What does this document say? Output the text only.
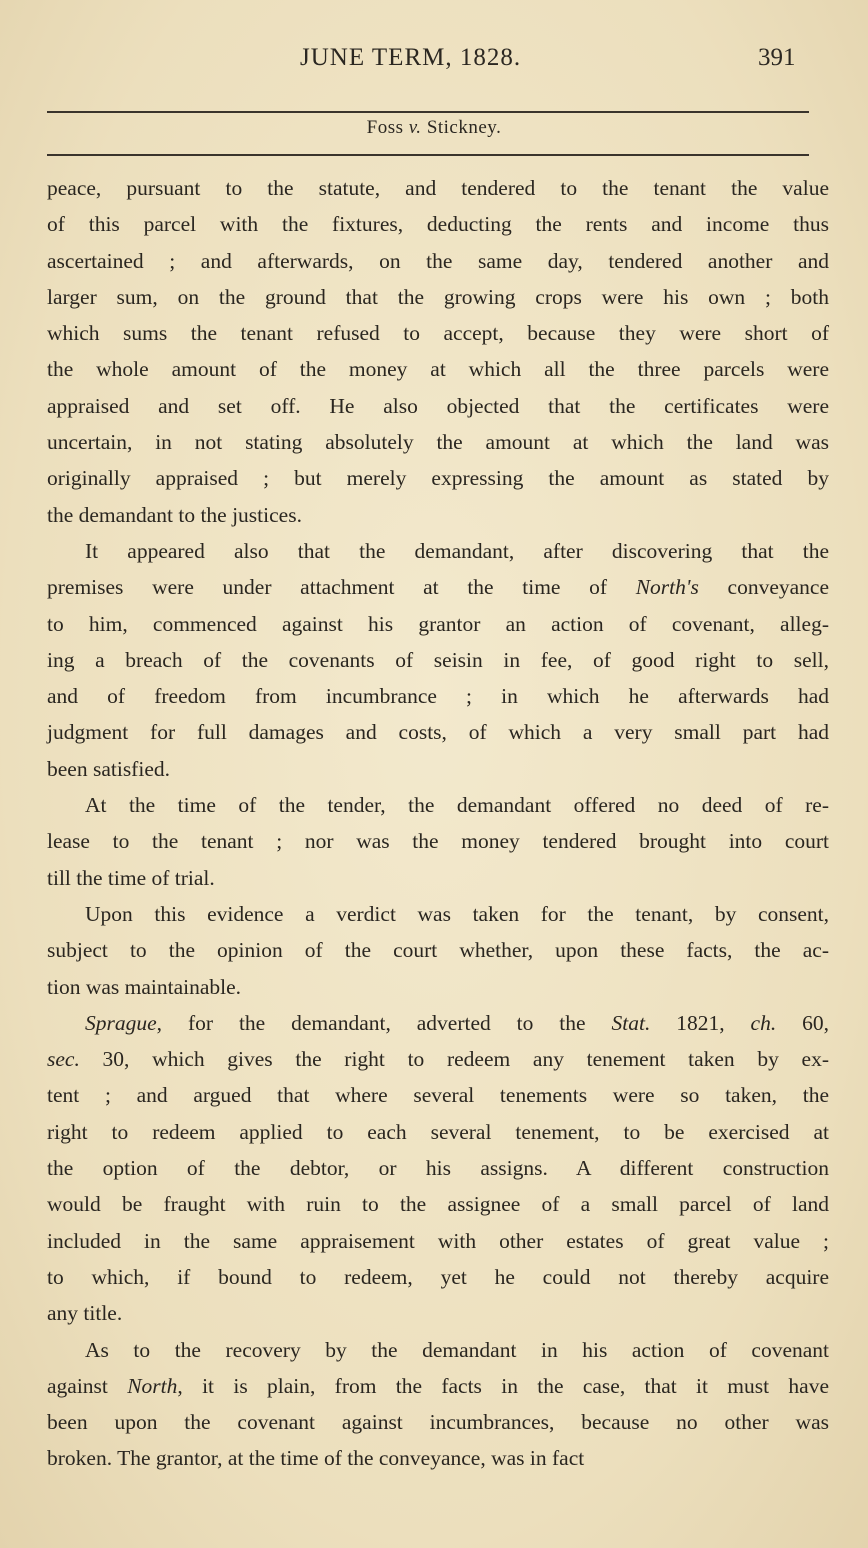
JUNE TERM, 1828.	391
Foss v. Stickney.
peace, pursuant to the statute, and tendered to the tenant the value
of this parcel with the fixtures, deducting the rents and income thus
ascertained ; and afterwards, on the same day, tendered another and
larger sum, on the ground that the growing crops were his own ; both
which sums the tenant refused to accept, because they were short of
the whole amount of the money at which all the three parcels were
appraised and set off. He also objected that the certificates were
uncertain, in not stating absolutely the amount at which the land was
originally appraised ; but merely expressing the amount as stated by
the demandant to the justices.
It appeared also that the demandant, after discovering that the
premises were under attachment at the time of North's conveyance
to him, commenced against his grantor an action of covenant, alleg-
ing a breach of the covenants of seisin in fee, of good right to sell,
and of freedom from incumbrance ; in which he afterwards had
judgment for full damages and costs, of which a very small part had
been satisfied.
At the time of the tender, the demandant offered no deed of re-
lease to the tenant ; nor was the money tendered brought into court
till the time of trial.
Upon this evidence a verdict was taken for the tenant, by consent,
subject to the opinion of the court whether, upon these facts, the ac-
tion was maintainable.
Sprague, for the demandant, adverted to the Stat. 1821, ch. 60,
sec. 30, which gives the right to redeem any tenement taken by ex-
tent ; and argued that where several tenements were so taken, the
right to redeem applied to each several tenement, to be exercised at
the option of the debtor, or his assigns. A different construction
would be fraught with ruin to the assignee of a small parcel of land
included in the same appraisement with other estates of great value ;
to which, if bound to redeem, yet he could not thereby acquire
any title.
As to the recovery by the demandant in his action of covenant
against North, it is plain, from the facts in the case, that it must have
been upon the covenant against incumbrances, because no other was
broken. The grantor, at the time of the conveyance, was in fact
